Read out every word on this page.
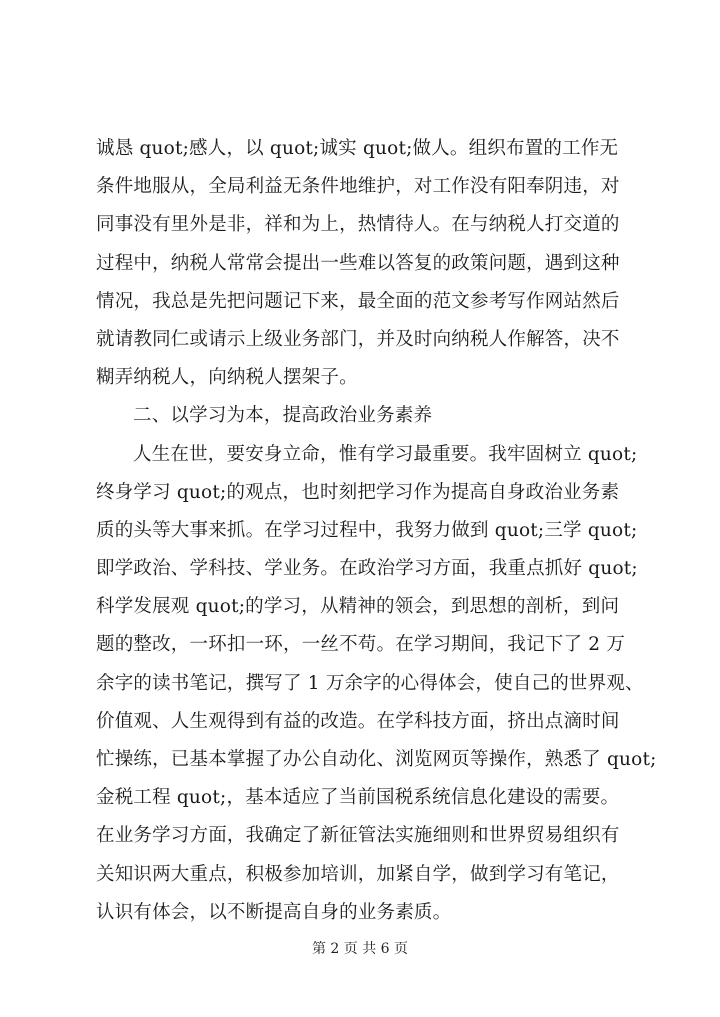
诚恳 quot;感人，以 quot;诚实 quot;做人。组织布置的工作无
条件地服从，全局利益无条件地维护，对工作没有阳奉阴违，对
同事没有里外是非，祥和为上，热情待人。在与纳税人打交道的
过程中，纳税人常常会提出一些难以答复的政策问题，遇到这种
情况，我总是先把问题记下来，最全面的范文参考写作网站然后
就请教同仁或请示上级业务部门，并及时向纳税人作解答，决不
糊弄纳税人，向纳税人摆架子。
二、以学习为本，提高政治业务素养
人生在世，要安身立命，惟有学习最重要。我牢固树立 quot;
终身学习 quot;的观点，也时刻把学习作为提高自身政治业务素
质的头等大事来抓。在学习过程中，我努力做到 quot;三学 quot;
即学政治、学科技、学业务。在政治学习方面，我重点抓好 quot;
科学发展观 quot;的学习，从精神的领会，到思想的剖析，到问
题的整改，一环扣一环，一丝不苟。在学习期间，我记下了 2 万
余字的读书笔记，撰写了 1 万余字的心得体会，使自己的世界观、
价值观、人生观得到有益的改造。在学科技方面，挤出点滴时间
忙操练，已基本掌握了办公自动化、浏览网页等操作，熟悉了 quot;
金税工程 quot;，基本适应了当前国税系统信息化建设的需要。
在业务学习方面，我确定了新征管法实施细则和世界贸易组织有
关知识两大重点，积极参加培训，加紧自学，做到学习有笔记，
认识有体会，以不断提高自身的业务素质。
第 2 页 共 6 页
